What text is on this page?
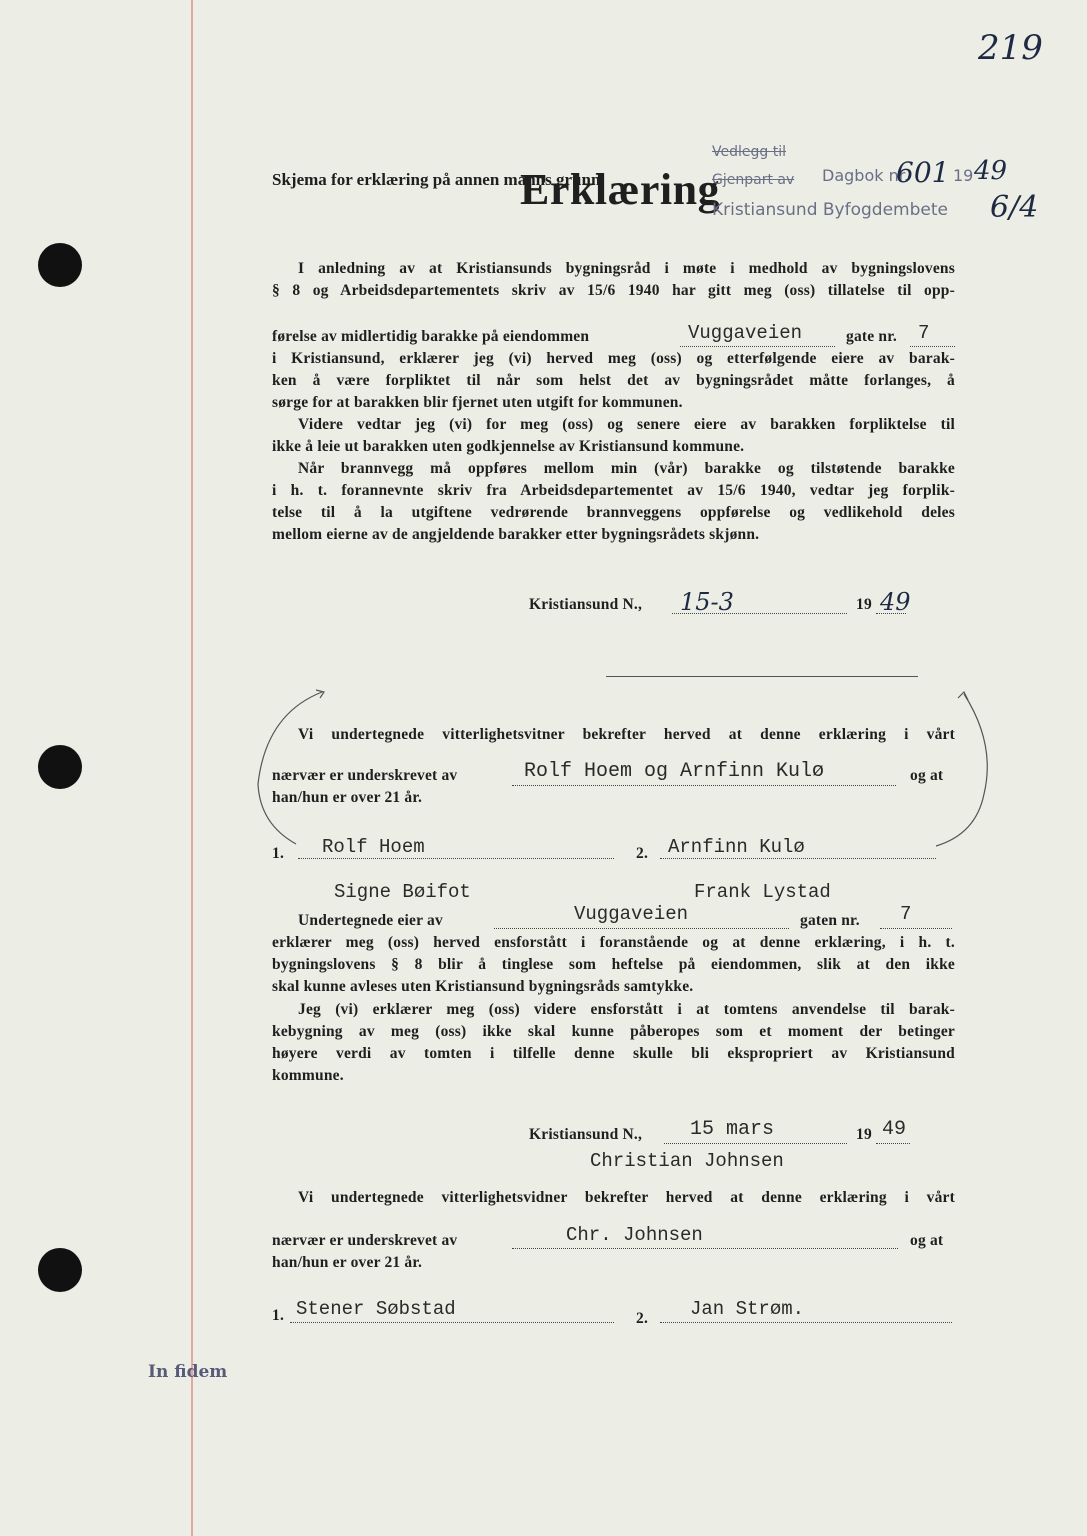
219
Skjema for erklæring på annen manns grunn.
Erklæring
Vedlegg til
Dagbok nr.
Gjenpart av	601 19 49
Kristiansund Byfogdembete 6/4
I anledning av at Kristiansunds bygningsråd i møte i medhold av bygningslovens
§ 8 og Arbeidsdepartementets skriv av 15/6 1940 har gitt meg (oss) tillatelse til opp-
førelse av midlertidig barakke på eiendommen	Vuggaveien	gate nr. 7
i Kristiansund, erklærer jeg (vi) herved meg (oss) og etterfølgende eiere av barak-
ken å være forpliktet til når som helst det av bygningsrådet måtte forlanges, å
sørge for at barakken blir fjernet uten utgift for kommunen.
Videre vedtar jeg (vi) for meg (oss) og senere eiere av barakken forpliktelse til
ikke å leie ut barakken uten godkjennelse av Kristiansund kommune.
Når brannvegg må oppføres mellom min (vår) barakke og tilstøtende barakke
i h. t. forannevnte skriv fra Arbeidsdepartementet av 15/6 1940, vedtar jeg forplik-
telse til å la utgiftene vedrørende brannveggens oppførelse og vedlikehold deles
mellom eierne av de angjeldende barakker etter bygningsrådets skjønn.
Kristiansund N., 15-3	19 49
Vi undertegnede vitterlighetsvitner bekrefter herved at denne erklæring i vårt
nærvær er underskrevet av	Rolf Hoem og Arnfinn Kulø	og at
han/hun er over 21 år.
1. Rolf Hoem	2. Arnfinn Kulø
Signe Bøifot	Frank Lystad
Undertegnede eier av	Vuggaveien	gaten nr. 7
erklærer meg (oss) herved ensforstått i foranstående og at denne erklæring, i h. t.
bygningslovens § 8 blir å tinglese som heftelse på eiendommen, slik at den ikke
skal kunne avleses uten Kristiansund bygningsråds samtykke.
Jeg (vi) erklærer meg (oss) videre ensforstått i at tomtens anvendelse til barak-
kebygning av meg (oss) ikke skal kunne påberopes som et moment der betinger
høyere verdi av tomten i tilfelle denne skulle bli ekspropriert av Kristiansund
kommune.
Kristiansund N., 15 mars	19 49
Christian Johnsen
Vi undertegnede vitterlighetsvidner bekrefter herved at denne erklæring i vårt
nærvær er underskrevet av	Chr. Johnsen	og at
han/hun er over 21 år.
1. Stener Søbstad	2. Jan Strøm.
In fidem
